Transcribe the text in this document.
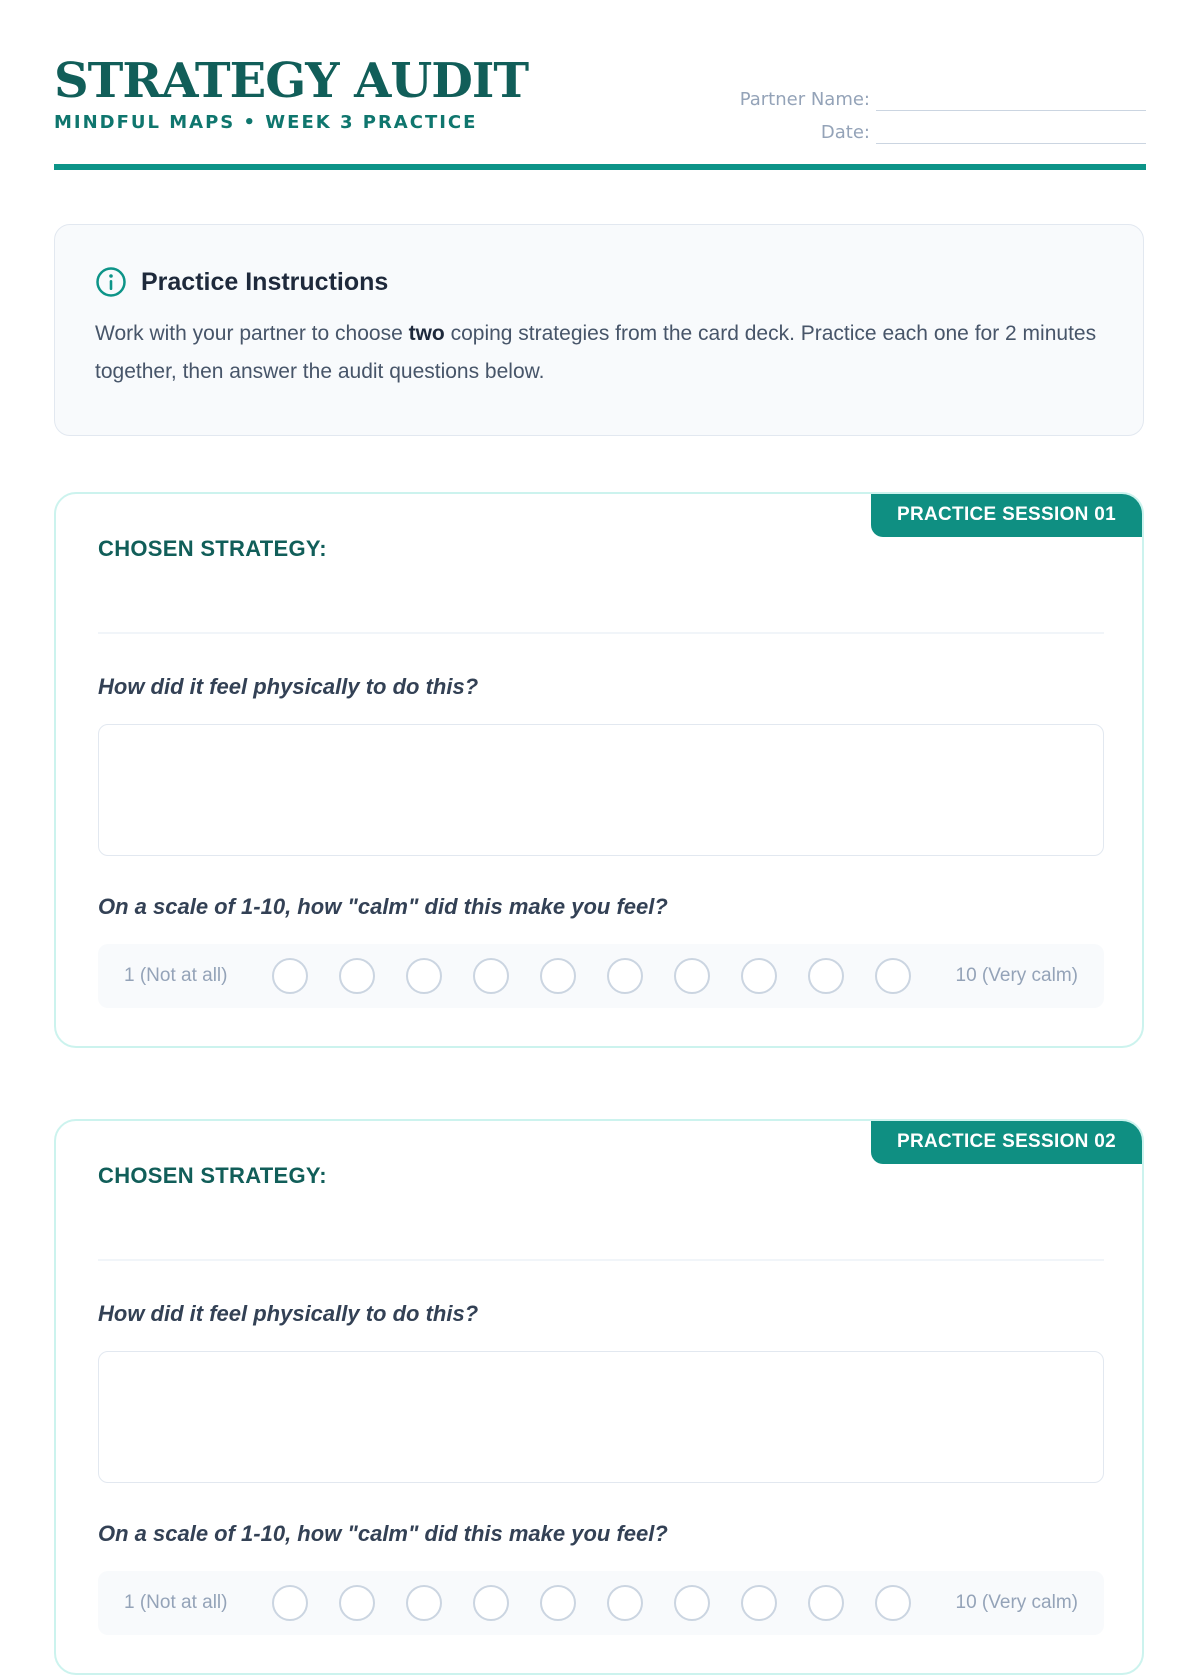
STRATEGY AUDIT
MINDFUL MAPS • WEEK 3 PRACTICE
Partner Name:
Date:
Practice Instructions
Work with your partner to choose two coping strategies from the card deck. Practice each one for 2 minutes together, then answer the audit questions below.
PRACTICE SESSION 01
CHOSEN STRATEGY:
How did it feel physically to do this?
On a scale of 1-10, how "calm" did this make you feel?
1 (Not at all)	10 (Very calm)
PRACTICE SESSION 02
CHOSEN STRATEGY:
How did it feel physically to do this?
On a scale of 1-10, how "calm" did this make you feel?
1 (Not at all)	10 (Very calm)
